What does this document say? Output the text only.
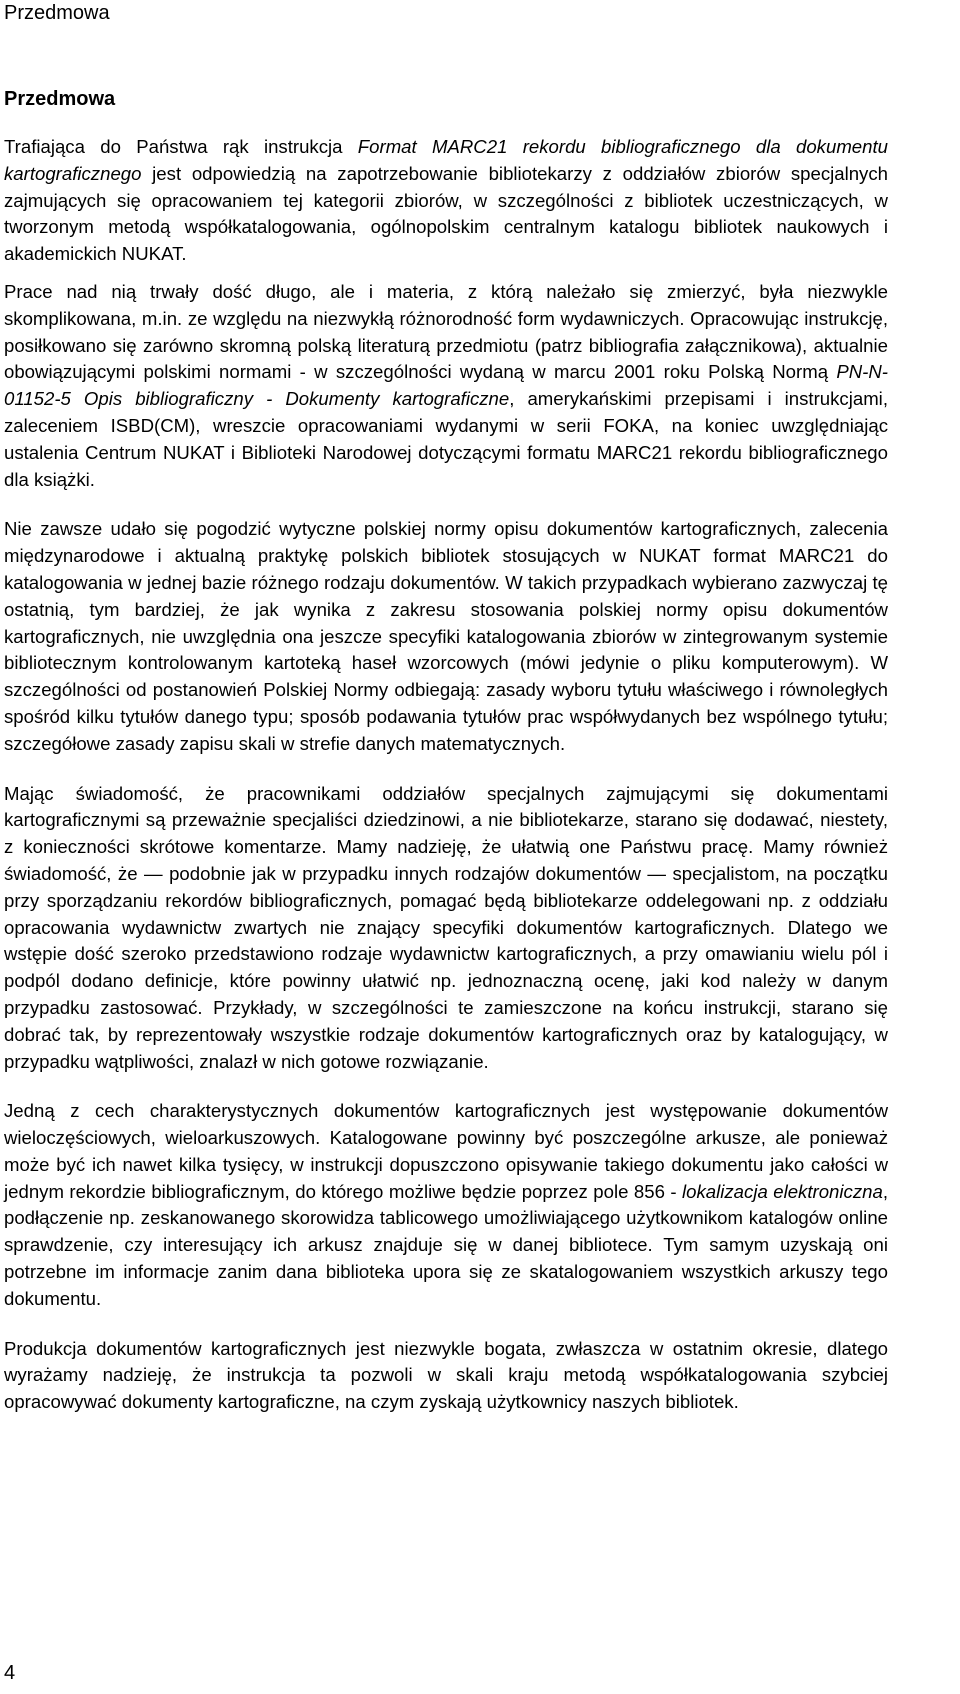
Przedmowa
Przedmowa

Trafiająca do Państwa rąk instrukcja Format MARC21 rekordu bibliograficznego dla dokumentu kartograficznego jest odpowiedzią na zapotrzebowanie bibliotekarzy z oddziałów zbiorów specjalnych zajmujących się opracowaniem tej kategorii zbiorów, w szczególności z bibliotek uczestniczących, w tworzonym metodą współkatalogowania, ogólnopolskim centralnym katalogu bibliotek naukowych i akademickich NUKAT.

Prace nad nią trwały dość długo, ale i materia, z którą należało się zmierzyć, była niezwykle skomplikowana, m.in. ze względu na niezwykłą różnorodność form wydawniczych. Opracowując instrukcję, posiłkowano się zarówno skromną polską literaturą przedmiotu (patrz bibliografia załącznikowa), aktualnie obowiązującymi polskimi normami - w szczególności wydaną w marcu 2001 roku Polską Normą PN-N-01152-5 Opis bibliograficzny - Dokumenty kartograficzne, amerykańskimi przepisami i instrukcjami, zaleceniem ISBD(CM), wreszcie opracowaniami wydanymi w serii FOKA, na koniec uwzględniając ustalenia Centrum NUKAT i Biblioteki Narodowej dotyczącymi formatu MARC21 rekordu bibliograficznego dla książki.

Nie zawsze udało się pogodzić wytyczne polskiej normy opisu dokumentów kartograficznych, zalecenia międzynarodowe i aktualną praktykę polskich bibliotek stosujących w NUKAT format MARC21 do katalogowania w jednej bazie różnego rodzaju dokumentów. W takich przypadkach wybierano zazwyczaj tę ostatnią, tym bardziej, że jak wynika z zakresu stosowania polskiej normy opisu dokumentów kartograficznych, nie uwzględnia ona jeszcze specyfiki katalogowania zbiorów w zintegrowanym systemie bibliotecznym kontrolowanym kartoteką haseł wzorcowych (mówi jedynie o pliku komputerowym). W szczególności od postanowień Polskiej Normy odbiegają: zasady wyboru tytułu właściwego i równoległych spośród kilku tytułów danego typu; sposób podawania tytułów prac współwydanych bez wspólnego tytułu; szczegółowe zasady zapisu skali w strefie danych matematycznych.

Mając świadomość, że pracownikami oddziałów specjalnych zajmującymi się dokumentami kartograficznymi są przeważnie specjaliści dziedzinowi, a nie bibliotekarze, starano się dodawać, niestety, z konieczności skrótowe komentarze. Mamy nadzieję, że ułatwią one Państwu pracę. Mamy również świadomość, że — podobnie jak w przypadku innych rodzajów dokumentów — specjalistom, na początku przy sporządzaniu rekordów bibliograficznych, pomagać będą bibliotekarze oddelegowani np. z oddziału opracowania wydawnictw zwartych nie znający specyfiki dokumentów kartograficznych. Dlatego we wstępie dość szeroko przedstawiono rodzaje wydawnictw kartograficznych, a przy omawianiu wielu pól i podpól dodano definicje, które powinny ułatwić np. jednoznaczną ocenę, jaki kod należy w danym przypadku zastosować. Przykłady, w szczególności te zamieszczone na końcu instrukcji, starano się dobrać tak, by reprezentowały wszystkie rodzaje dokumentów kartograficznych oraz by katalogujący, w przypadku wątpliwości, znalazł w nich gotowe rozwiązanie.

Jedną z cech charakterystycznych dokumentów kartograficznych jest występowanie dokumentów wieloczęściowych, wieloarkuszowych. Katalogowane powinny być poszczególne arkusze, ale ponieważ może być ich nawet kilka tysięcy, w instrukcji dopuszczono opisywanie takiego dokumentu jako całości w jednym rekordzie bibliograficznym, do którego możliwe będzie poprzez pole 856 - lokalizacja elektroniczna, podłączenie np. zeskanowanego skorowidza tablicowego umożliwiającego użytkownikom katalogów online sprawdzenie, czy interesujący ich arkusz znajduje się w danej bibliotece. Tym samym uzyskają oni potrzebne im informacje zanim dana biblioteka upora się ze skatalogowaniem wszystkich arkuszy tego dokumentu.

Produkcja dokumentów kartograficznych jest niezwykle bogata, zwłaszcza w ostatnim okresie, dlatego wyrażamy nadzieję, że instrukcja ta pozwoli w skali kraju metodą współkatalogowania szybciej opracowywać dokumenty kartograficzne, na czym zyskają użytkownicy naszych bibliotek.

4
